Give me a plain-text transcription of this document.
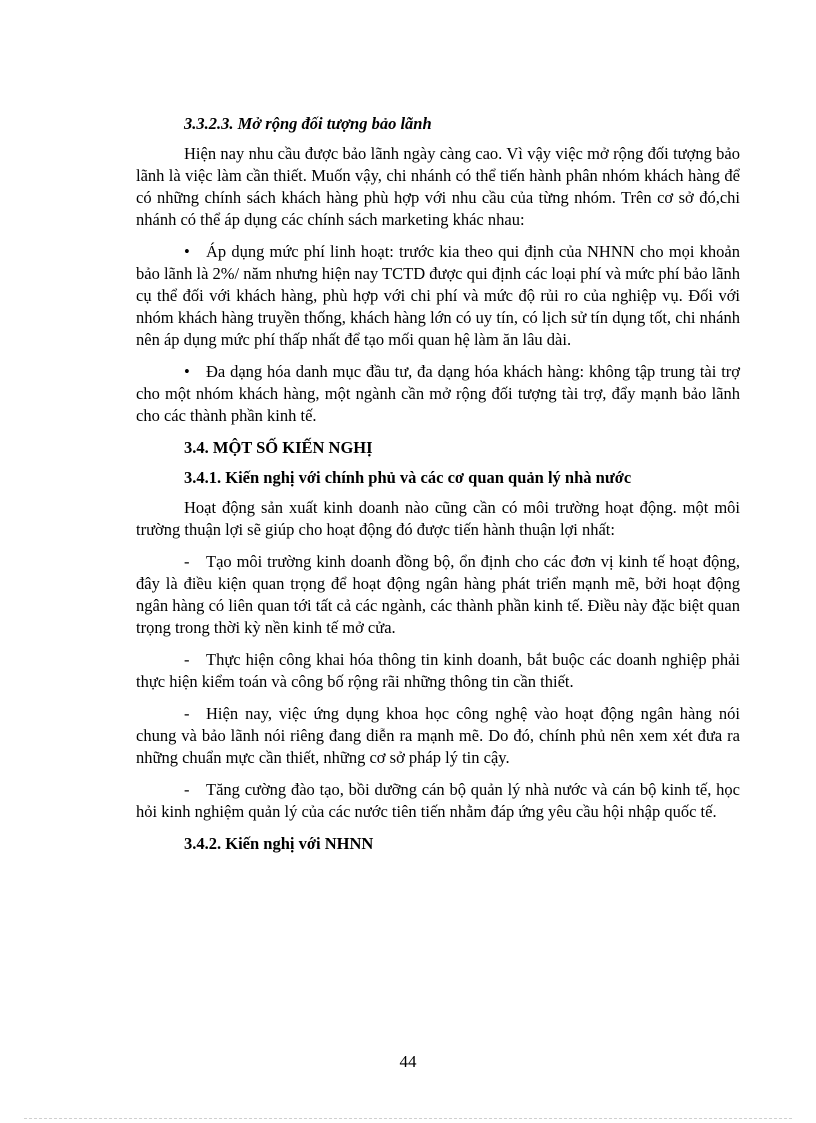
3.3.2.3. Mở rộng đối tượng bảo lãnh

Hiện nay nhu cầu được bảo lãnh ngày càng cao. Vì vậy việc mở rộng đối tượng bảo lãnh là việc làm cần thiết. Muốn vậy, chi nhánh có thể tiến hành phân nhóm khách hàng để có những chính sách khách hàng phù hợp với nhu cầu của từng nhóm. Trên cơ sở đó,chi nhánh có thể áp dụng các chính sách marketing khác nhau:

• Áp dụng mức phí linh hoạt: trước kia theo qui định của NHNN cho mọi khoản bảo lãnh là 2%/ năm nhưng hiện nay TCTD được qui định các loại phí và mức phí bảo lãnh cụ thể đối với khách hàng, phù hợp với chi phí và mức độ rủi ro của nghiệp vụ. Đối với nhóm khách hàng truyền thống, khách hàng lớn có uy tín, có lịch sử tín dụng tốt, chi nhánh nên áp dụng mức phí thấp nhất để tạo mối quan hệ làm ăn lâu dài.
• Đa dạng hóa danh mục đầu tư, đa dạng hóa khách hàng: không tập trung tài trợ cho một nhóm khách hàng, một ngành cần mở rộng đối tượng tài trợ, đẩy mạnh bảo lãnh cho các thành phần kinh tế.
3.4. MỘT SỐ KIẾN NGHỊ
3.4.1. Kiến nghị với chính phủ và các cơ quan quản lý nhà nước

Hoạt động sản xuất kinh doanh nào cũng cần có môi trường hoạt động. một môi trường thuận lợi sẽ giúp cho hoạt động đó được tiến hành thuận lợi nhất:

- Tạo môi trường kinh doanh đồng bộ, ổn định cho các đơn vị kinh tế hoạt động, đây là điều kiện quan trọng để hoạt động ngân hàng phát triển mạnh mẽ, bởi hoạt động ngân hàng có liên quan tới tất cả các ngành, các thành phần kinh tế. Điều này đặc biệt quan trọng trong thời kỳ nền kinh tế mở cửa.
- Thực hiện công khai hóa thông tin kinh doanh, bắt buộc các doanh nghiệp phải thực hiện kiểm toán và công bố rộng rãi những thông tin cần thiết.
- Hiện nay, việc ứng dụng khoa học công nghệ vào hoạt động ngân hàng nói chung và bảo lãnh nói riêng đang diễn ra mạnh mẽ. Do đó, chính phủ nên xem xét đưa ra những chuẩn mực cần thiết, những cơ sở pháp lý tin cậy.
- Tăng cường đào tạo, bồi dưỡng cán bộ quản lý nhà nước và cán bộ kinh tế, học hỏi kinh nghiệm quản lý của các nước tiên tiến nhằm đáp ứng yêu cầu hội nhập quốc tế.
3.4.2. Kiến nghị với NHNN
44
